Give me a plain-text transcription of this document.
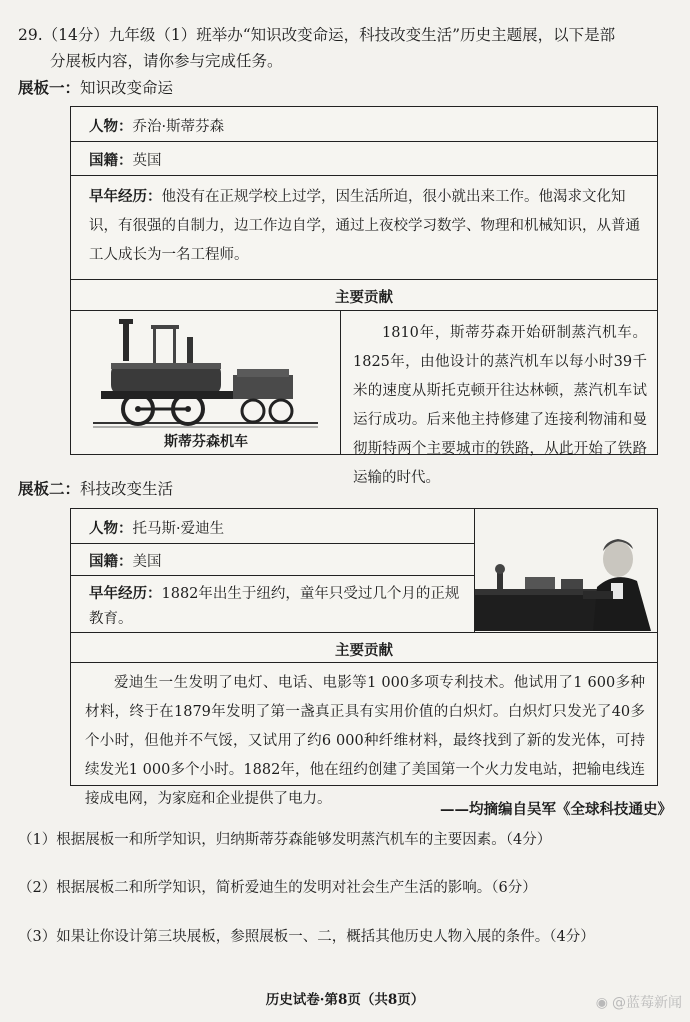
29.（14分）九年级（1）班举办“知识改变命运，科技改变生活”历史主题展，以下是部
分展板内容，请你参与完成任务。
展板一：知识改变命运
人物：乔治·斯蒂芬森
国籍：英国
早年经历：他没有在正规学校上过学，因生活所迫，很小就出来工作。他渴求文化知识，有很强的自制力，边工作边自学，通过上夜校学习数学、物理和机械知识，从普通工人成长为一名工程师。
主要贡献
斯蒂芬森机车
1810年，斯蒂芬森开始研制蒸汽机车。1825年，由他设计的蒸汽机车以每小时39千米的速度从斯托克顿开往达林顿，蒸汽机车试运行成功。后来他主持修建了连接利物浦和曼彻斯特两个主要城市的铁路，从此开始了铁路运输的时代。
展板二：科技改变生活
人物：托马斯·爱迪生
国籍：美国
早年经历：1882年出生于纽约，童年只受过几个月的正规教育。
主要贡献
爱迪生一生发明了电灯、电话、电影等1 000多项专利技术。他试用了1 600多种材料，终于在1879年发明了第一盏真正具有实用价值的白炽灯。白炽灯只发光了40多个小时，但他并不气馁，又试用了约6 000种纤维材料，最终找到了新的发光体，可持续发光1 000多个小时。1882年，他在纽约创建了美国第一个火力发电站，把输电线连接成电网，为家庭和企业提供了电力。
——均摘编自吴军《全球科技通史》
（1）根据展板一和所学知识，归纳斯蒂芬森能够发明蒸汽机车的主要因素。（4分）
（2）根据展板二和所学知识，简析爱迪生的发明对社会生产生活的影响。（6分）
（3）如果让你设计第三块展板，参照展板一、二，概括其他历史人物入展的条件。（4分）
历史试卷·第8页（共8页）	◉ @蓝莓新闻
